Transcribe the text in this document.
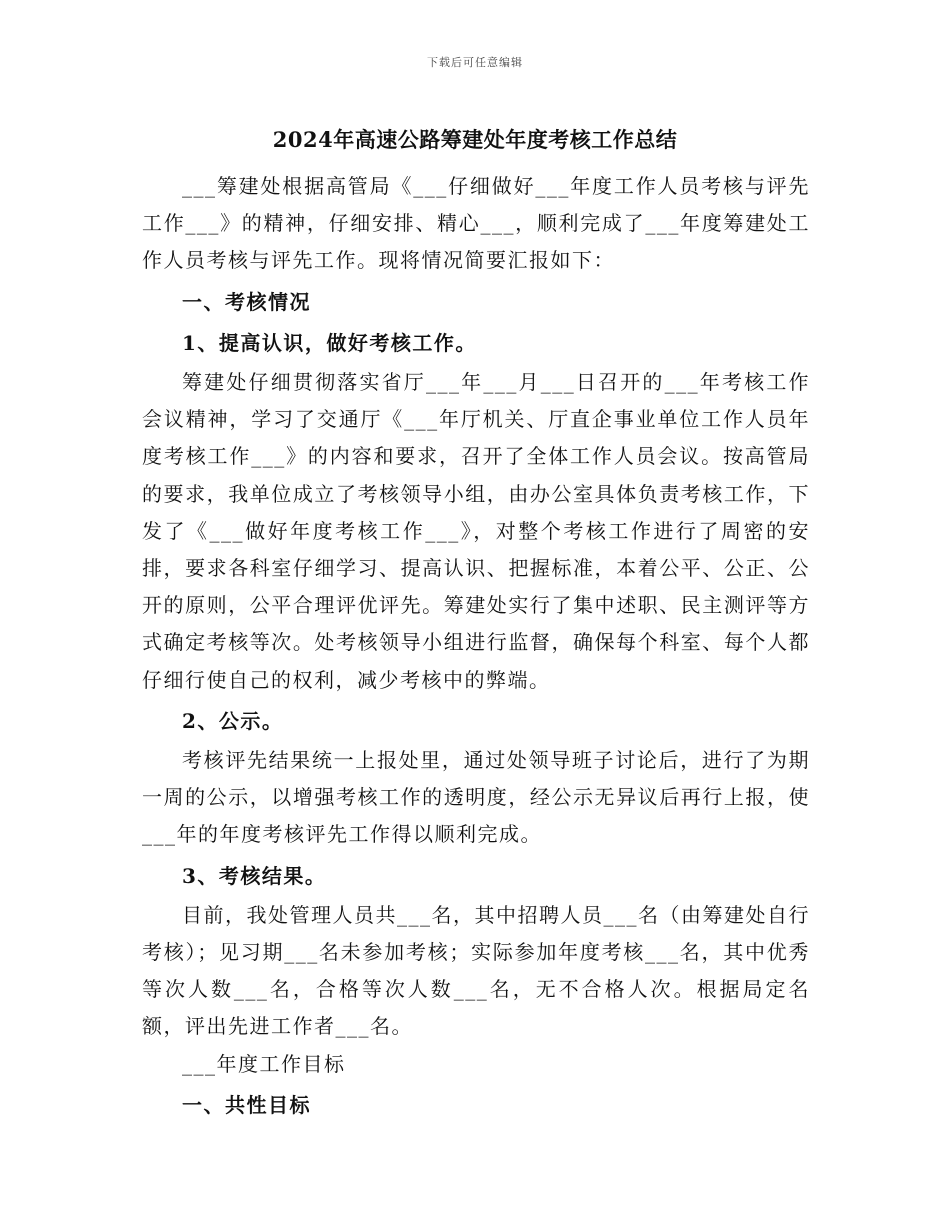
下载后可任意编辑
2024年高速公路筹建处年度考核工作总结

___筹建处根据高管局《___仔细做好___年度工作人员考核与评先工作___》的精神，仔细安排、精心___，顺利完成了___年度筹建处工作人员考核与评先工作。现将情况简要汇报如下：

一、考核情况

1、提高认识，做好考核工作。

筹建处仔细贯彻落实省厅___年___月___日召开的___年考核工作会议精神，学习了交通厅《___年厅机关、厅直企事业单位工作人员年度考核工作___》的内容和要求，召开了全体工作人员会议。按高管局的要求，我单位成立了考核领导小组，由办公室具体负责考核工作，下发了《___做好年度考核工作___》，对整个考核工作进行了周密的安排，要求各科室仔细学习、提高认识、把握标准，本着公平、公正、公开的原则，公平合理评优评先。筹建处实行了集中述职、民主测评等方式确定考核等次。处考核领导小组进行监督，确保每个科室、每个人都仔细行使自己的权利，减少考核中的弊端。

2、公示。

考核评先结果统一上报处里，通过处领导班子讨论后，进行了为期一周的公示，以增强考核工作的透明度，经公示无异议后再行上报，使___年的年度考核评先工作得以顺利完成。

3、考核结果。

目前，我处管理人员共___名，其中招聘人员___名（由筹建处自行考核）；见习期___名未参加考核；实际参加年度考核___名，其中优秀等次人数___名，合格等次人数___名，无不合格人次。根据局定名额，评出先进工作者___名。

___年度工作目标

一、共性目标
